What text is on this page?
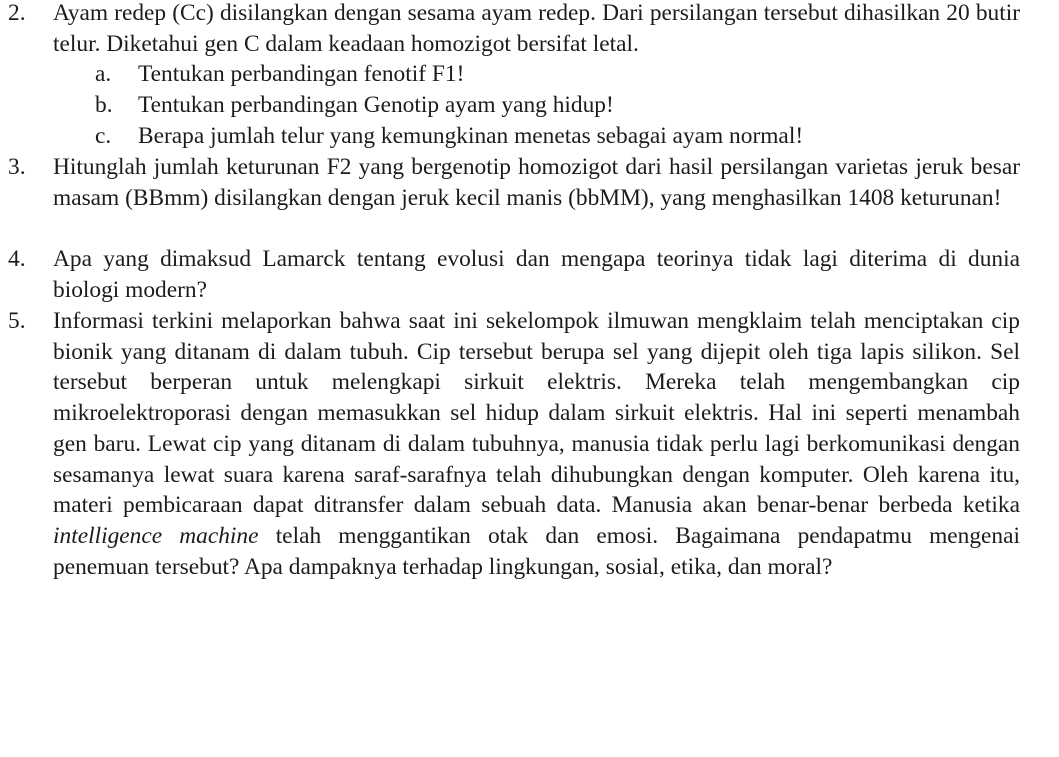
2.	Ayam redep (Cc) disilangkan dengan sesama ayam redep. Dari persilangan tersebut dihasilkan 20 butir telur. Diketahui gen C dalam keadaan homozigot bersifat letal.
a. Tentukan perbandingan fenotif F1!
b. Tentukan perbandingan Genotip ayam yang hidup!
c. Berapa jumlah telur yang kemungkinan menetas sebagai ayam normal!
3.	Hitunglah jumlah keturunan F2 yang bergenotip homozigot dari hasil persilangan varietas jeruk besar masam (BBmm) disilangkan dengan jeruk kecil manis (bbMM), yang menghasilkan 1408 keturunan!
4.	Apa yang dimaksud Lamarck tentang evolusi dan mengapa teorinya tidak lagi diterima di dunia biologi modern?
5.	Informasi terkini melaporkan bahwa saat ini sekelompok ilmuwan mengklaim telah menciptakan cip bionik yang ditanam di dalam tubuh. Cip tersebut berupa sel yang dijepit oleh tiga lapis silikon. Sel tersebut berperan untuk melengkapi sirkuit elektris. Mereka telah mengembangkan cip mikroelektroporasi dengan memasukkan sel hidup dalam sirkuit elektris. Hal ini seperti menambah gen baru. Lewat cip yang ditanam di dalam tubuhnya, manusia tidak perlu lagi berkomunikasi dengan sesamanya lewat suara karena saraf-sarafnya telah dihubungkan dengan komputer. Oleh karena itu, materi pembicaraan dapat ditransfer dalam sebuah data. Manusia akan benar-benar berbeda ketika intelligence machine telah menggantikan otak dan emosi. Bagaimana pendapatmu mengenai penemuan tersebut? Apa dampaknya terhadap lingkungan, sosial, etika, dan moral?
